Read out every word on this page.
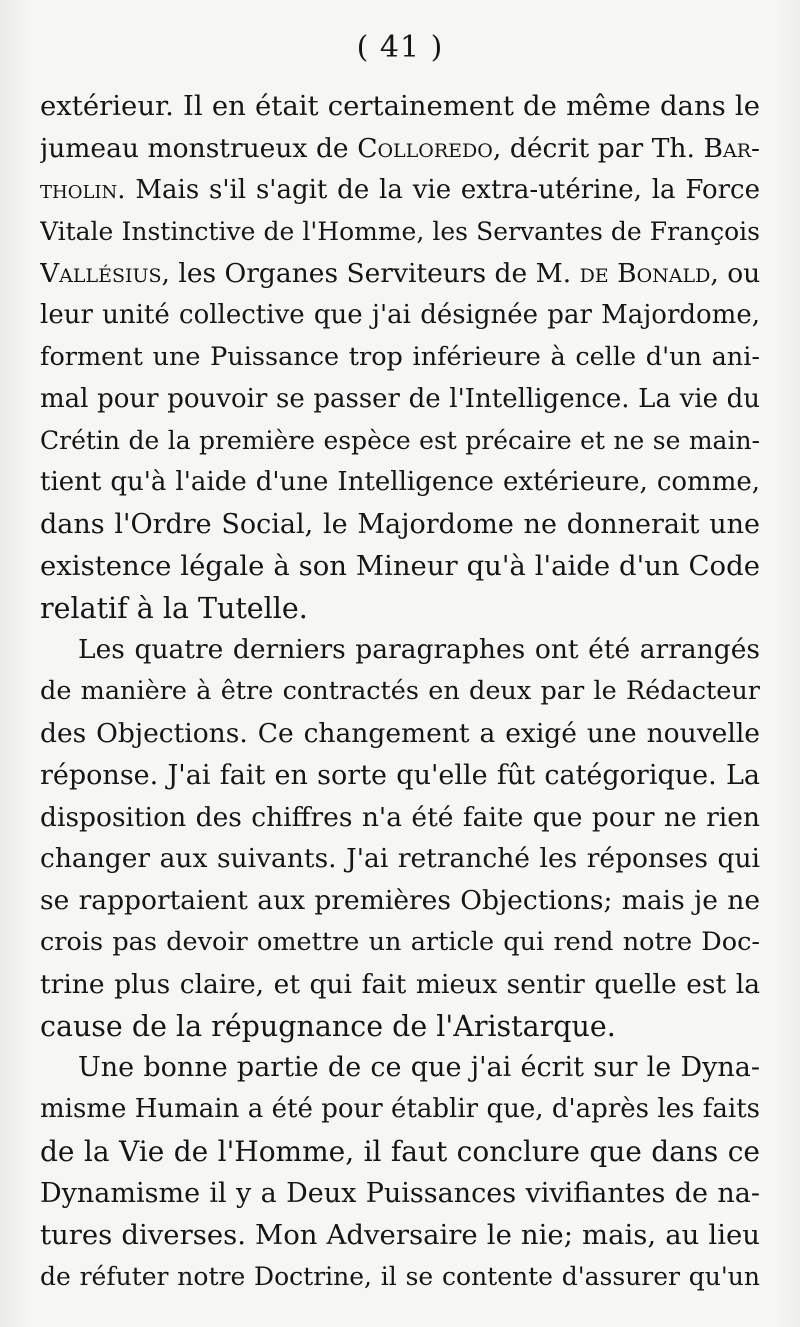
( 41 )
extérieur. Il en était certainement de même dans le
jumeau monstrueux de Colloredo, décrit par Th. Bar-
tholin. Mais s'il s'agit de la vie extra-utérine, la Force
Vitale Instinctive de l'Homme, les Servantes de François
Vallésius, les Organes Serviteurs de M. de Bonald, ou
leur unité collective que j'ai désignée par Majordome,
forment une Puissance trop inférieure à celle d'un ani-
mal pour pouvoir se passer de l'Intelligence. La vie du
Crétin de la première espèce est précaire et ne se main-
tient qu'à l'aide d'une Intelligence extérieure, comme,
dans l'Ordre Social, le Majordome ne donnerait une
existence légale à son Mineur qu'à l'aide d'un Code
relatif à la Tutelle.
Les quatre derniers paragraphes ont été arrangés
de manière à être contractés en deux par le Rédacteur
des Objections. Ce changement a exigé une nouvelle
réponse. J'ai fait en sorte qu'elle fût catégorique. La
disposition des chiffres n'a été faite que pour ne rien
changer aux suivants. J'ai retranché les réponses qui
se rapportaient aux premières Objections; mais je ne
crois pas devoir omettre un article qui rend notre Doc-
trine plus claire, et qui fait mieux sentir quelle est la
cause de la répugnance de l'Aristarque.
Une bonne partie de ce que j'ai écrit sur le Dyna-
misme Humain a été pour établir que, d'après les faits
de la Vie de l'Homme, il faut conclure que dans ce
Dynamisme il y a Deux Puissances vivifiantes de na-
tures diverses. Mon Adversaire le nie; mais, au lieu
de réfuter notre Doctrine, il se contente d'assurer qu'un
